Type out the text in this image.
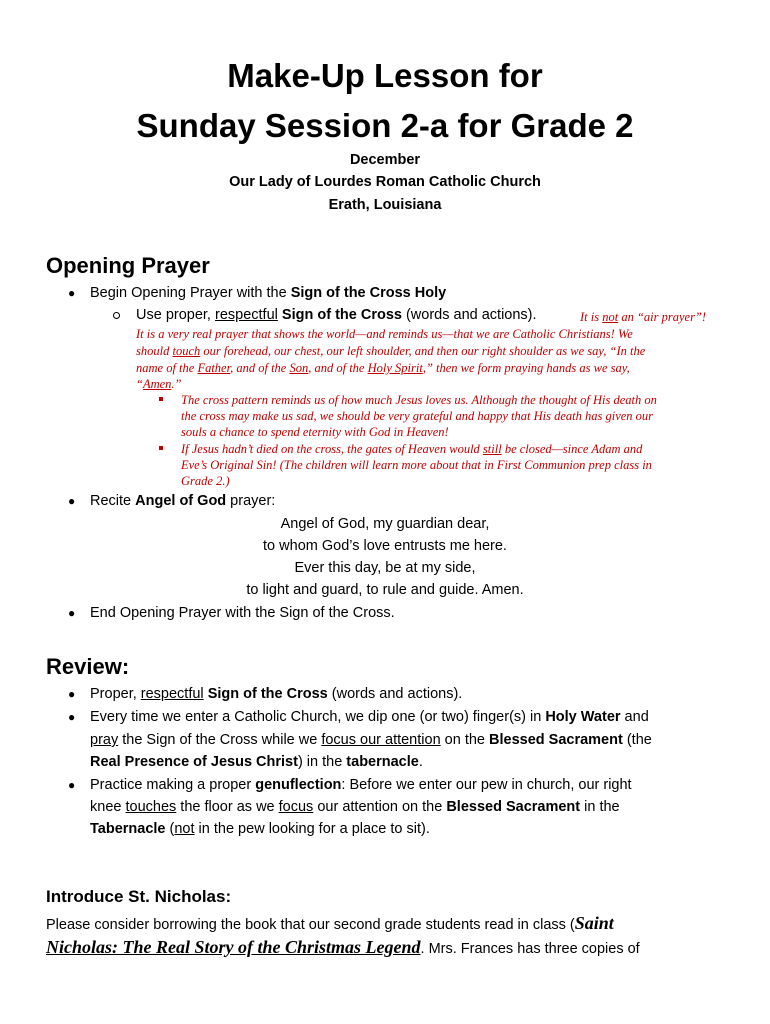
Make-Up Lesson for
Sunday Session 2-a for Grade 2
December
Our Lady of Lourdes Roman Catholic Church
Erath, Louisiana
Opening Prayer
● Begin Opening Prayer with the Sign of the Cross Holy
Use proper, respectful Sign of the Cross (words and actions).	It is not an “air prayer”!
It is a very real prayer that shows the world—and reminds us—that we are Catholic Christians! We
should touch our forehead, our chest, our left shoulder, and then our right shoulder as we say, “In the
name of the Father, and of the Son, and of the Holy Spirit,” then we form praying hands as we say,
“Amen.”
The cross pattern reminds us of how much Jesus loves us. Although the thought of His death on
the cross may make us sad, we should be very grateful and happy that His death has given our
souls a chance to spend eternity with God in Heaven!
If Jesus hadn’t died on the cross, the gates of Heaven would still be closed—since Adam and
Eve’s Original Sin! (The children will learn more about that in First Communion prep class in
Grade 2.)
● Recite Angel of God prayer:
Angel of God, my guardian dear,
to whom God’s love entrusts me here.
Ever this day, be at my side,
to light and guard, to rule and guide. Amen.
● End Opening Prayer with the Sign of the Cross.
Review:
● Proper, respectful Sign of the Cross (words and actions).
● Every time we enter a Catholic Church, we dip one (or two) finger(s) in Holy Water and
pray the Sign of the Cross while we focus our attention on the Blessed Sacrament (the
Real Presence of Jesus Christ) in the tabernacle.
● Practice making a proper genuflection: Before we enter our pew in church, our right
knee touches the floor as we focus our attention on the Blessed Sacrament in the
Tabernacle (not in the pew looking for a place to sit).
Introduce St. Nicholas:
Please consider borrowing the book that our second grade students read in class (Saint
Nicholas: The Real Story of the Christmas Legend. Mrs. Frances has three copies of
